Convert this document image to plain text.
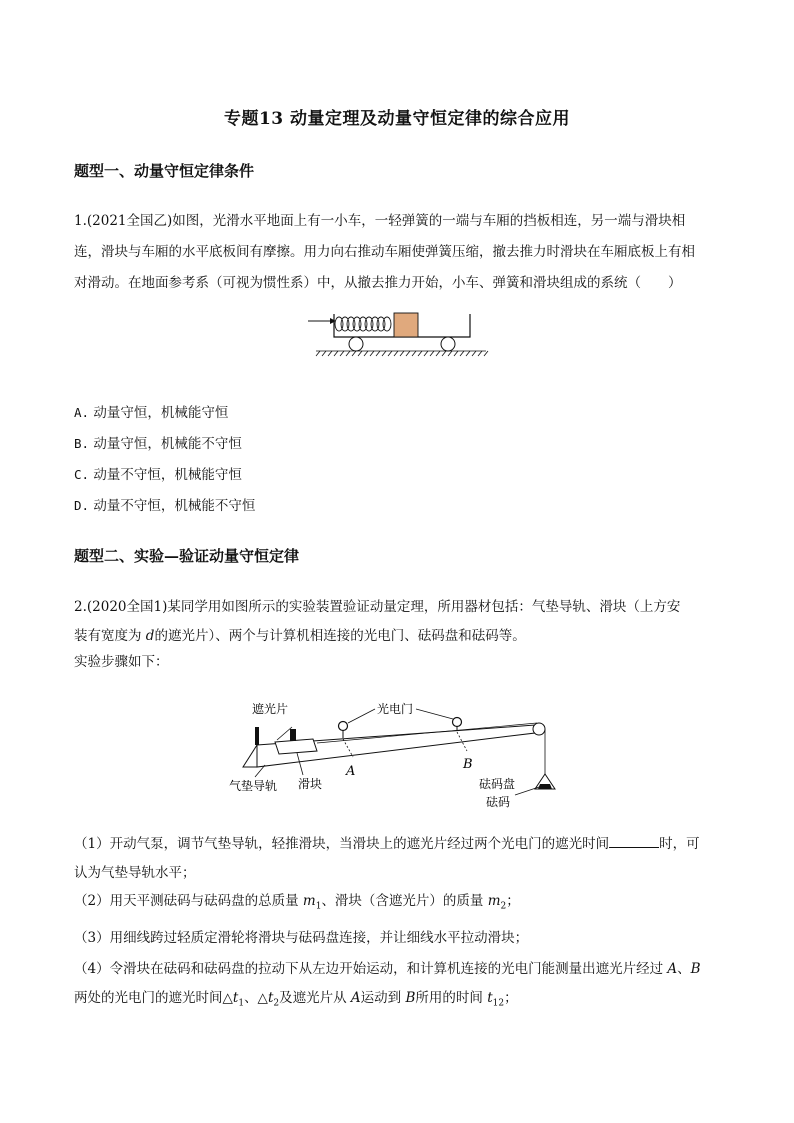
专题13 动量定理及动量守恒定律的综合应用
题型一、动量守恒定律条件
1.(2021全国乙)如图，光滑水平地面上有一小车，一轻弹簧的一端与车厢的挡板相连，另一端与滑块相
连，滑块与车厢的水平底板间有摩擦。用力向右推动车厢使弹簧压缩，撤去推力时滑块在车厢底板上有相
对滑动。在地面参考系（可视为惯性系）中，从撤去推力开始，小车、弹簧和滑块组成的系统（　　）
A. 动量守恒，机械能守恒
B. 动量守恒，机械能不守恒
C. 动量不守恒，机械能守恒
D. 动量不守恒，机械能不守恒
题型二、实验—验证动量守恒定律
2.(2020全国1)某同学用如图所示的实验装置验证动量定理，所用器材包括：气垫导轨、滑块（上方安
装有宽度为 d的遮光片）、两个与计算机相连接的光电门、砝码盘和砝码等。
实验步骤如下：
遮光片	光电门
气垫导轨 滑块
A	B
砝码盘
砝码
（1）开动气泵，调节气垫导轨，轻推滑块，当滑块上的遮光片经过两个光电门的遮光时间	时，可
认为气垫导轨水平；
（2）用天平测砝码与砝码盘的总质量 $m_1$、滑块（含遮光片）的质量 $m_2$；
（3）用细线跨过轻质定滑轮将滑块与砝码盘连接，并让细线水平拉动滑块；
（4）令滑块在砝码和砝码盘的拉动下从左边开始运动，和计算机连接的光电门能测量出遮光片经过 A、B
两处的光电门的遮光时间$\triangle t_1$、$\triangle t_2$及遮光片从 A运动到 B所用的时间 $t_{12}$；
